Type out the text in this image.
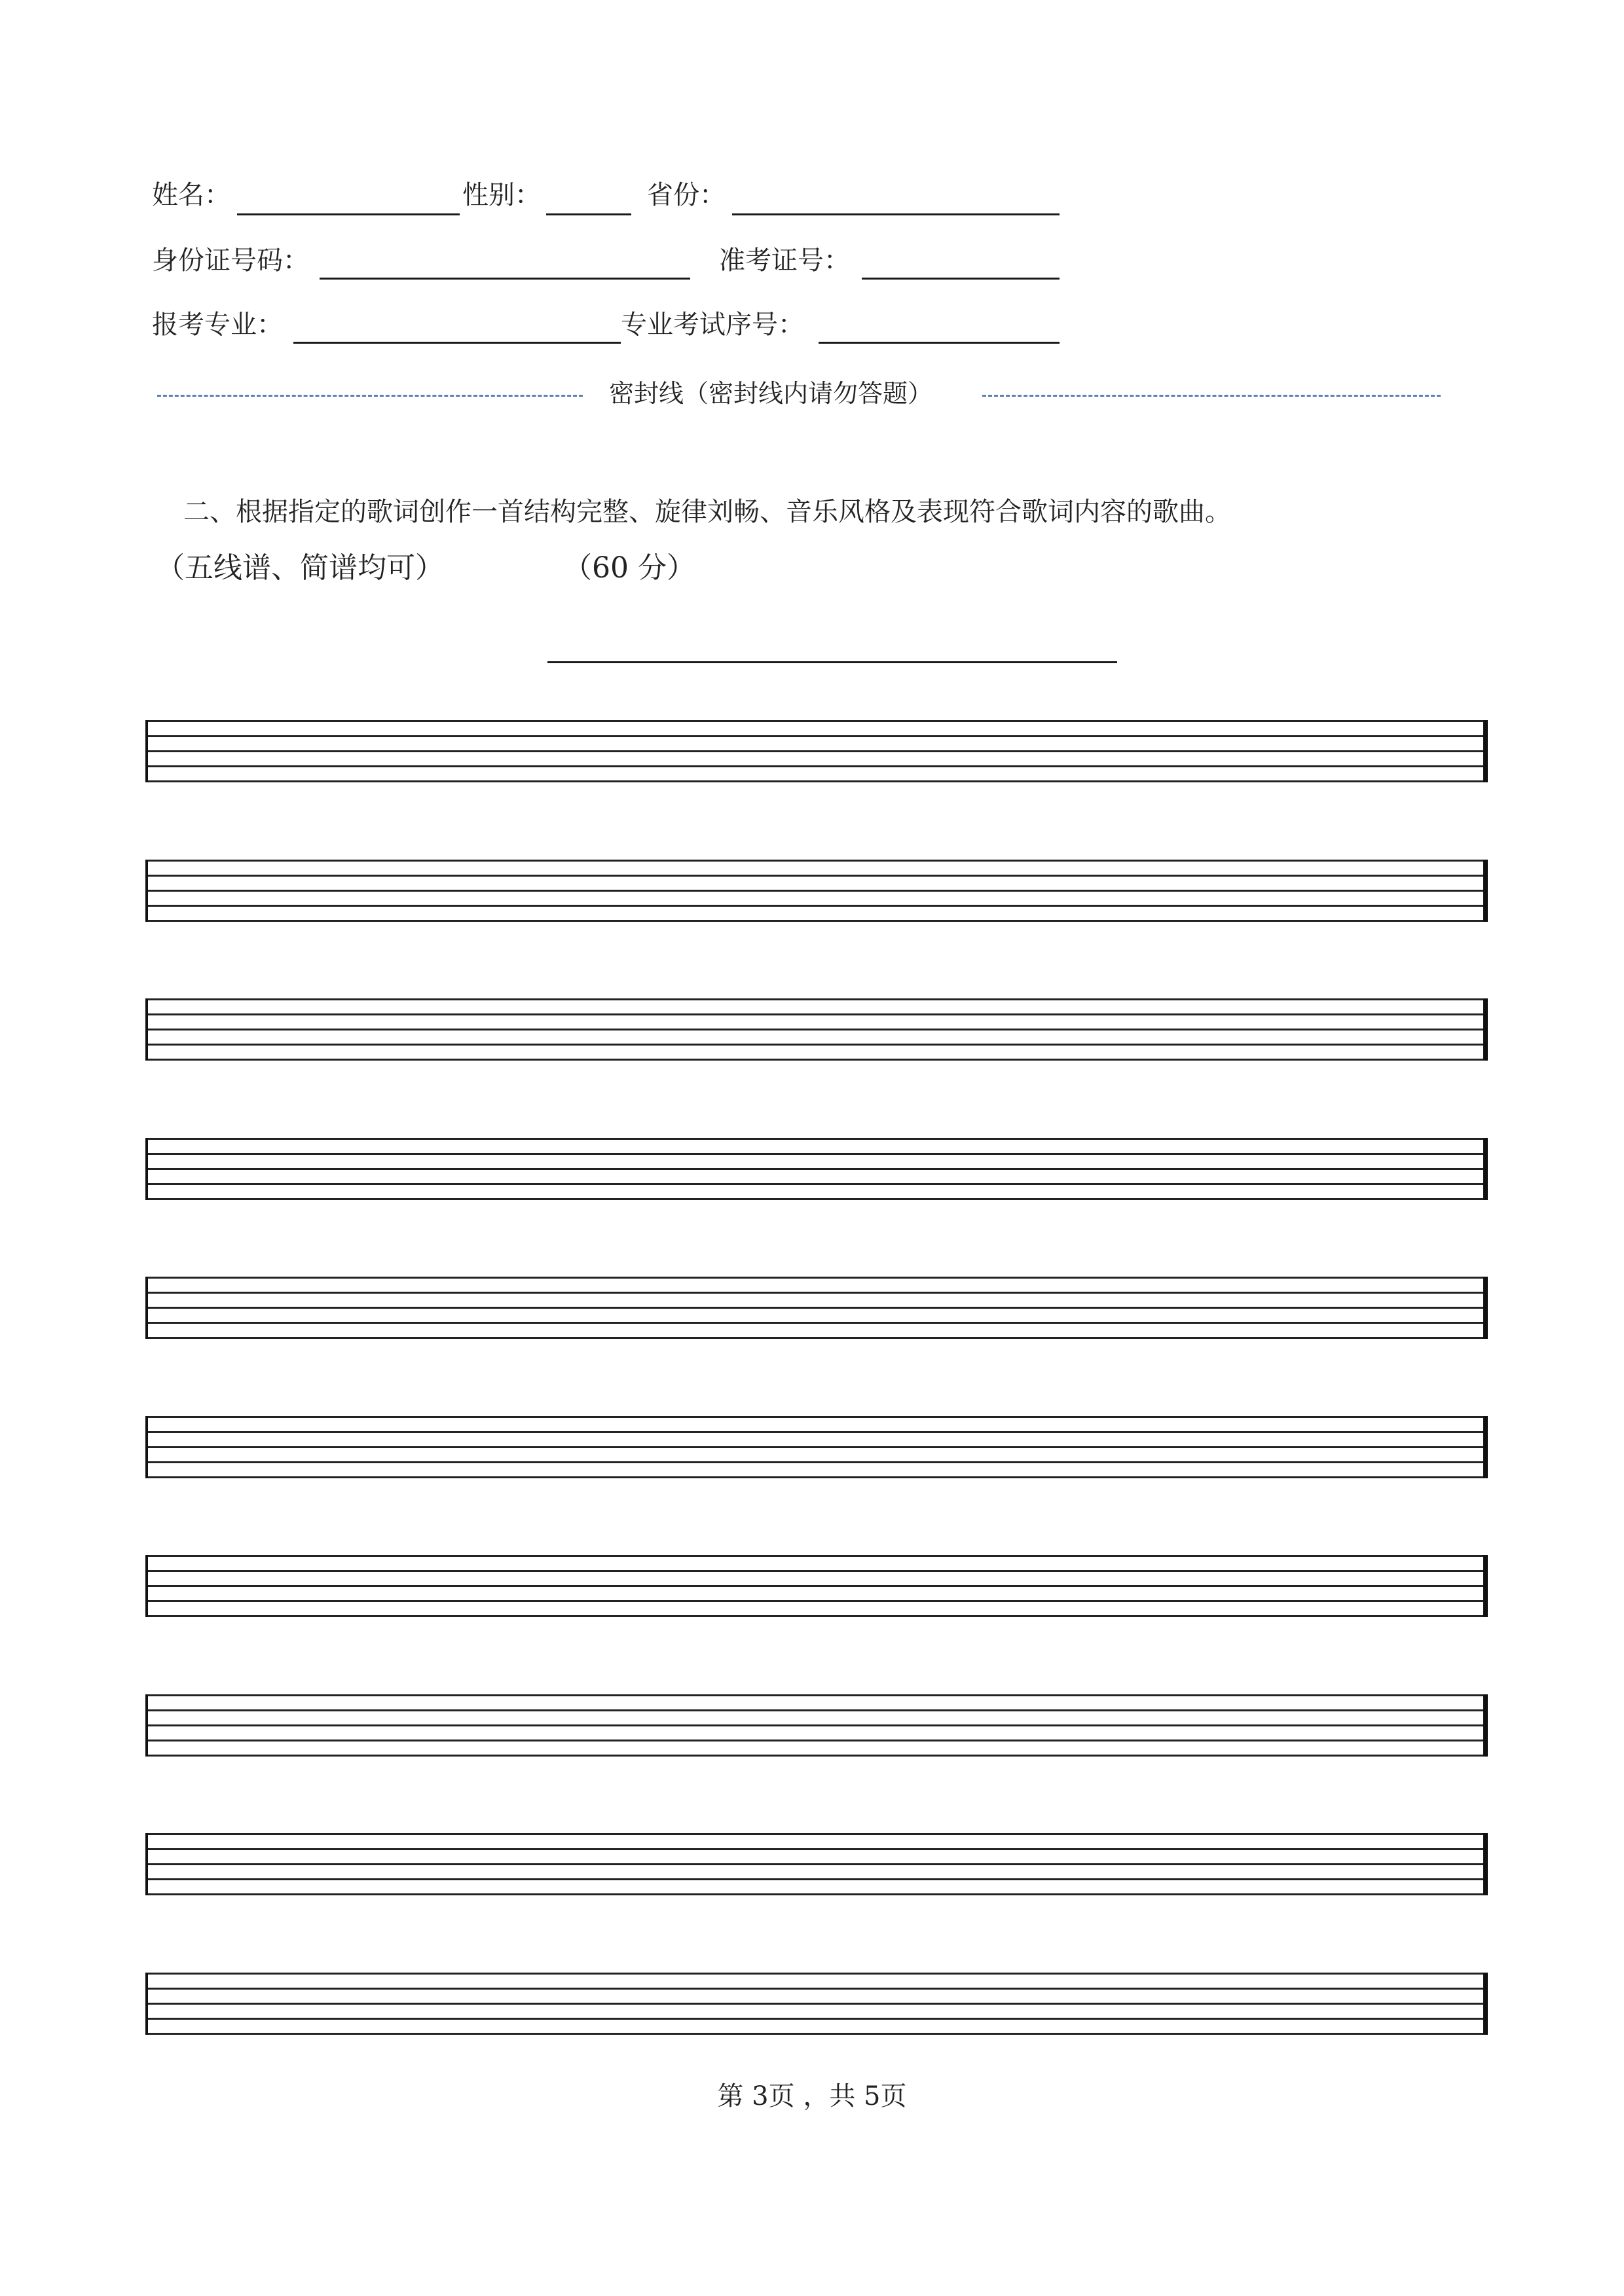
姓名：	性别：	省份：
身份证号码：	准考证号：
报考专业：	专业考试序号：
密封线（密封线内请勿答题）
二、根据指定的歌词创作一首结构完整、旋律刘畅、音乐风格及表现符合歌词内容的歌曲。
（五线谱、简谱均可）	（60 分）
第 3页 ，共 5页
